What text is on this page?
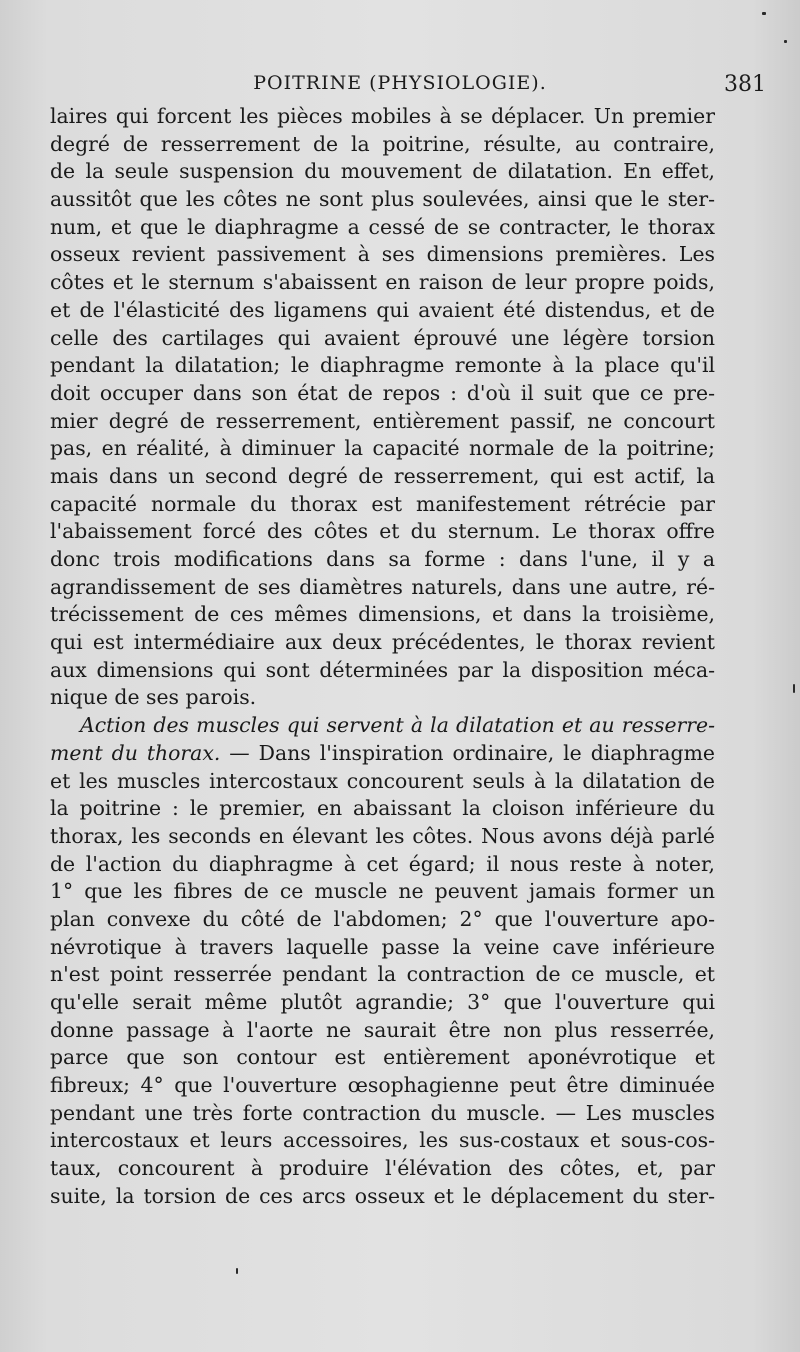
POITRINE (PHYSIOLOGIE).	381
laires qui forcent les pièces mobiles à se déplacer. Un premier
degré de resserrement de la poitrine, résulte, au contraire,
de la seule suspension du mouvement de dilatation. En effet,
aussitôt que les côtes ne sont plus soulevées, ainsi que le ster-
num, et que le diaphragme a cessé de se contracter, le thorax
osseux revient passivement à ses dimensions premières. Les
côtes et le sternum s'abaissent en raison de leur propre poids,
et de l'élasticité des ligamens qui avaient été distendus, et de
celle des cartilages qui avaient éprouvé une légère torsion
pendant la dilatation; le diaphragme remonte à la place qu'il
doit occuper dans son état de repos : d'où il suit que ce pre-
mier degré de resserrement, entièrement passif, ne concourt
pas, en réalité, à diminuer la capacité normale de la poitrine;
mais dans un second degré de resserrement, qui est actif, la
capacité normale du thorax est manifestement rétrécie par
l'abaissement forcé des côtes et du sternum. Le thorax offre
donc trois modifications dans sa forme : dans l'une, il y a
agrandissement de ses diamètres naturels, dans une autre, ré-
trécissement de ces mêmes dimensions, et dans la troisième,
qui est intermédiaire aux deux précédentes, le thorax revient
aux dimensions qui sont déterminées par la disposition méca-
nique de ses parois.
Action des muscles qui servent à la dilatation et au resserre-
ment du thorax. — Dans l'inspiration ordinaire, le diaphragme
et les muscles intercostaux concourent seuls à la dilatation de
la poitrine : le premier, en abaissant la cloison inférieure du
thorax, les seconds en élevant les côtes. Nous avons déjà parlé
de l'action du diaphragme à cet égard; il nous reste à noter,
1° que les fibres de ce muscle ne peuvent jamais former un
plan convexe du côté de l'abdomen; 2° que l'ouverture apo-
névrotique à travers laquelle passe la veine cave inférieure
n'est point resserrée pendant la contraction de ce muscle, et
qu'elle serait même plutôt agrandie; 3° que l'ouverture qui
donne passage à l'aorte ne saurait être non plus resserrée,
parce que son contour est entièrement aponévrotique et
fibreux; 4° que l'ouverture œsophagienne peut être diminuée
pendant une très forte contraction du muscle. — Les muscles
intercostaux et leurs accessoires, les sus-costaux et sous-cos-
taux, concourent à produire l'élévation des côtes, et, par
suite, la torsion de ces arcs osseux et le déplacement du ster-
